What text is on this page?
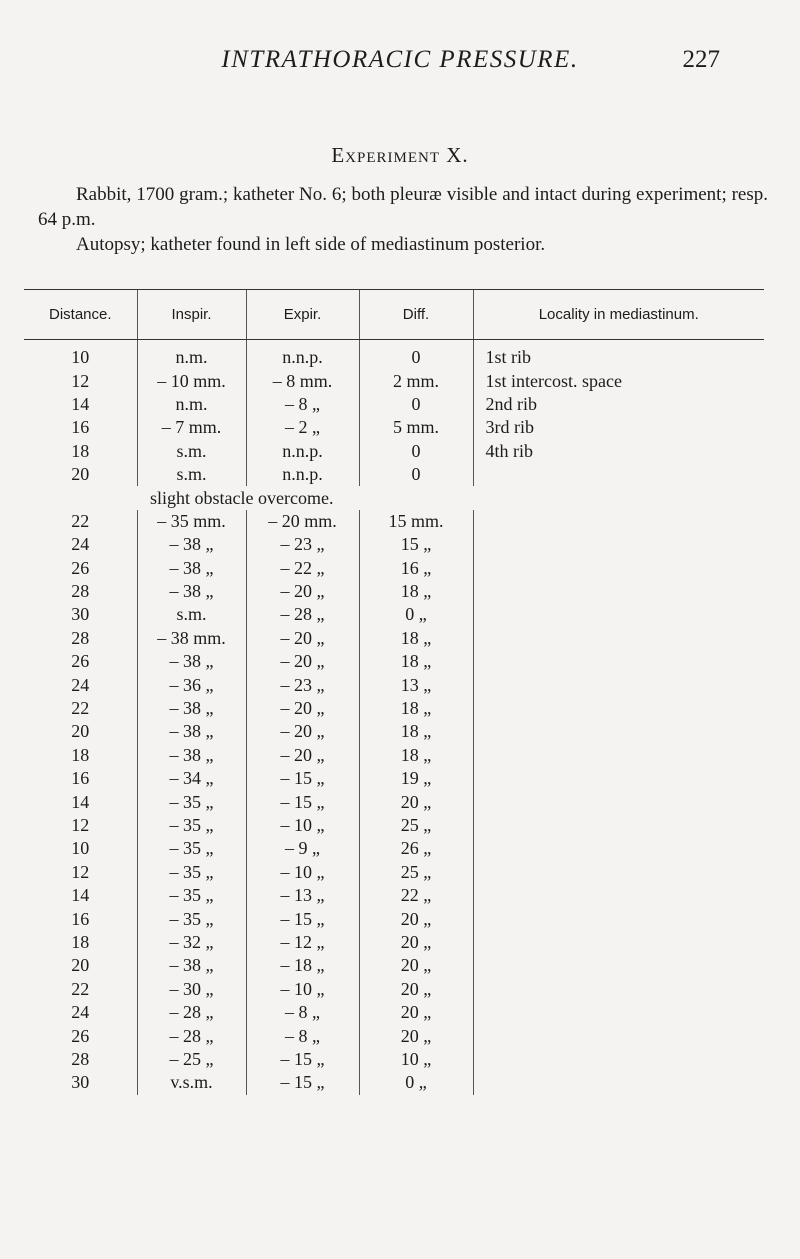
INTRATHORACIC PRESSURE.	227
Experiment X.

Rabbit, 1700 gram.; katheter No. 6; both pleuræ visible and intact during experiment; resp. 64 p.m.

Autopsy; katheter found in left side of mediastinum posterior.

Distance.	Inspir.	Expir.	Diff.	Locality in mediastinum.
10	n.m.	n.n.p.	0	1st rib
12	– 10 mm.	– 8 mm.	2 mm.	1st intercost. space
14	n.m.	– 8 „	0	2nd rib
16	– 7 mm.	– 2 „	5 mm.	3rd rib
18	s.m.	n.n.p.	0	4th rib
20	s.m.	n.n.p.	0	
slight obstacle overcome.				
22	– 35 mm.	– 20 mm.	15 mm.	
24	– 38 „	– 23 „	15 „	
26	– 38 „	– 22 „	16 „	
28	– 38 „	– 20 „	18 „	
30	s.m.	– 28 „	0 „	
28	– 38 mm.	– 20 „	18 „	
26	– 38 „	– 20 „	18 „	
24	– 36 „	– 23 „	13 „	
22	– 38 „	– 20 „	18 „	
20	– 38 „	– 20 „	18 „	
18	– 38 „	– 20 „	18 „	
16	– 34 „	– 15 „	19 „	
14	– 35 „	– 15 „	20 „	
12	– 35 „	– 10 „	25 „	
10	– 35 „	– 9 „	26 „	
12	– 35 „	– 10 „	25 „	
14	– 35 „	– 13 „	22 „	
16	– 35 „	– 15 „	20 „	
18	– 32 „	– 12 „	20 „	
20	– 38 „	– 18 „	20 „	
22	– 30 „	– 10 „	20 „	
24	– 28 „	– 8 „	20 „	
26	– 28 „	– 8 „	20 „	
28	– 25 „	– 15 „	10 „	
30	v.s.m.	– 15 „	0 „	
